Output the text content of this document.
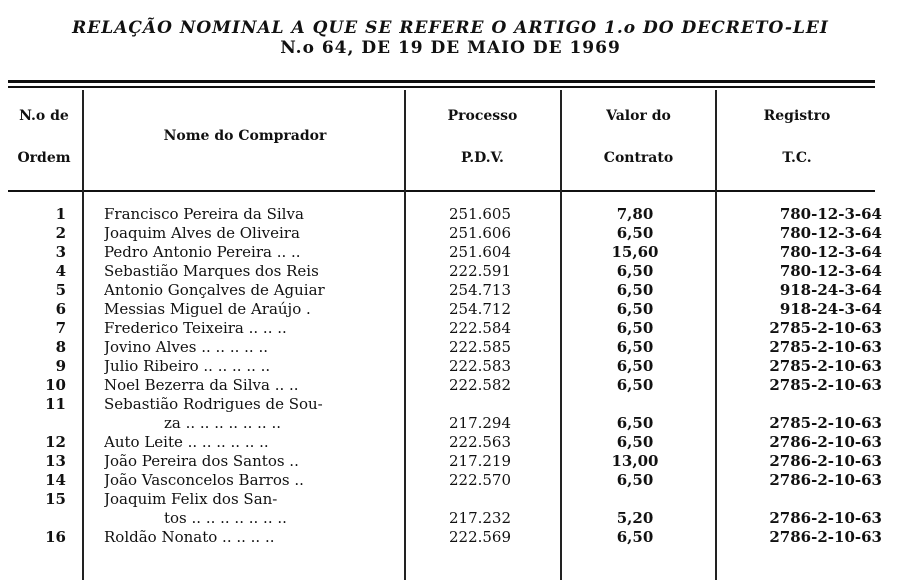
RELAÇÃO NOMINAL A QUE SE REFERE O ARTIGO 1.o DO DECRETO-LEI
N.o 64, DE 19 DE MAIO DE 1969
N.o de
Ordem
Nome do Comprador
Processo
P.D.V.
Valor do
Contrato
Registro
T.C.
1	Francisco Pereira da Silva	251.605	7,80	780-12-3-64
2	Joaquim Alves de Oliveira	251.606	6,50	780-12-3-64
3	Pedro Antonio Pereira .. ..	251.604	15,60	780-12-3-64
4	Sebastião Marques dos Reis	222.591	6,50	780-12-3-64
5	Antonio Gonçalves de Aguiar	254.713	6,50	918-24-3-64
6	Messias Miguel de Araújo .	254.712	6,50	918-24-3-64
7	Frederico Teixeira .. .. ..	222.584	6,50	2785-2-10-63
8	Jovino Alves .. .. .. .. ..	222.585	6,50	2785-2-10-63
9	Julio Ribeiro .. .. .. .. ..	222.583	6,50	2785-2-10-63
10	Noel Bezerra da Silva .. ..	222.582	6,50	2785-2-10-63
11	Sebastião Rodrigues de Sou-
za .. .. .. .. .. .. ..	217.294	6,50	2785-2-10-63
12	Auto Leite .. .. .. .. .. ..	222.563	6,50	2786-2-10-63
13	João Pereira dos Santos ..	217.219	13,00	2786-2-10-63
14	João Vasconcelos Barros ..	222.570	6,50	2786-2-10-63
15	Joaquim Felix dos San-
tos .. .. .. .. .. .. ..	217.232	5,20	2786-2-10-63
16	Roldão Nonato .. .. .. ..	222.569	6,50	2786-2-10-63
